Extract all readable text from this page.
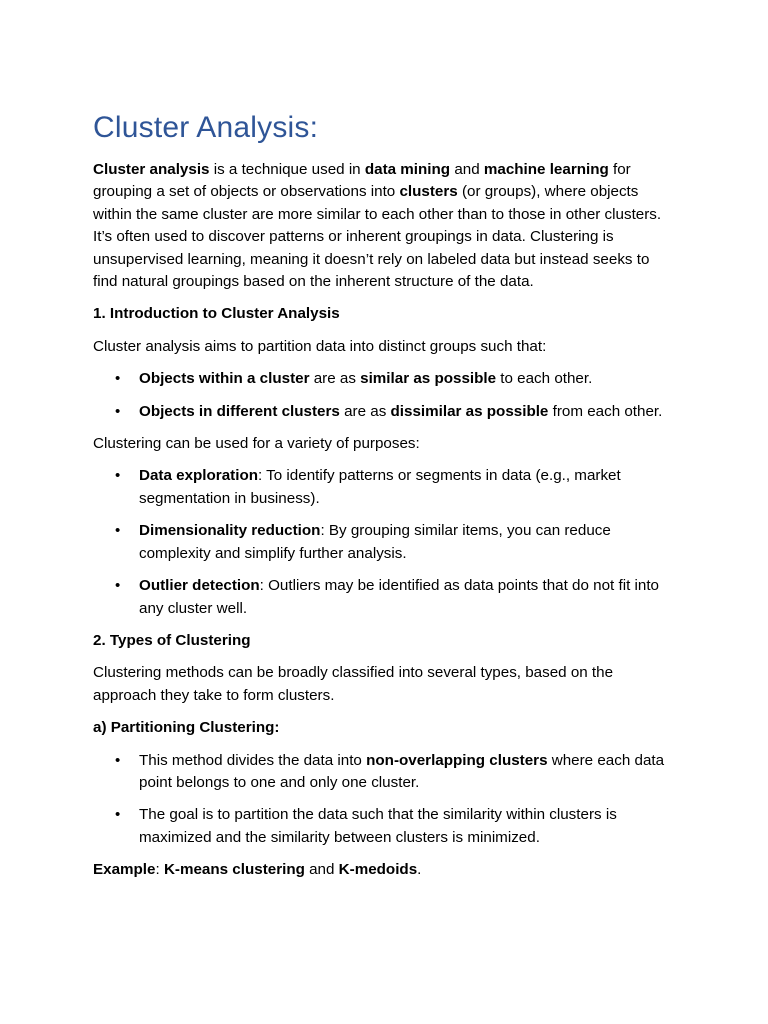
Cluster Analysis:

Cluster analysis is a technique used in data mining and machine learning for grouping a set of objects or observations into clusters (or groups), where objects within the same cluster are more similar to each other than to those in other clusters. It’s often used to discover patterns or inherent groupings in data. Clustering is unsupervised learning, meaning it doesn’t rely on labeled data but instead seeks to find natural groupings based on the inherent structure of the data.

1. Introduction to Cluster Analysis

Cluster analysis aims to partition data into distinct groups such that:

• Objects within a cluster are as similar as possible to each other.
• Objects in different clusters are as dissimilar as possible from each other.

Clustering can be used for a variety of purposes:

• Data exploration: To identify patterns or segments in data (e.g., market segmentation in business).
• Dimensionality reduction: By grouping similar items, you can reduce complexity and simplify further analysis.
• Outlier detection: Outliers may be identified as data points that do not fit into any cluster well.

2. Types of Clustering

Clustering methods can be broadly classified into several types, based on the approach they take to form clusters.

a) Partitioning Clustering:

• This method divides the data into non-overlapping clusters where each data point belongs to one and only one cluster.
• The goal is to partition the data such that the similarity within clusters is maximized and the similarity between clusters is minimized.

Example: K-means clustering and K-medoids.
